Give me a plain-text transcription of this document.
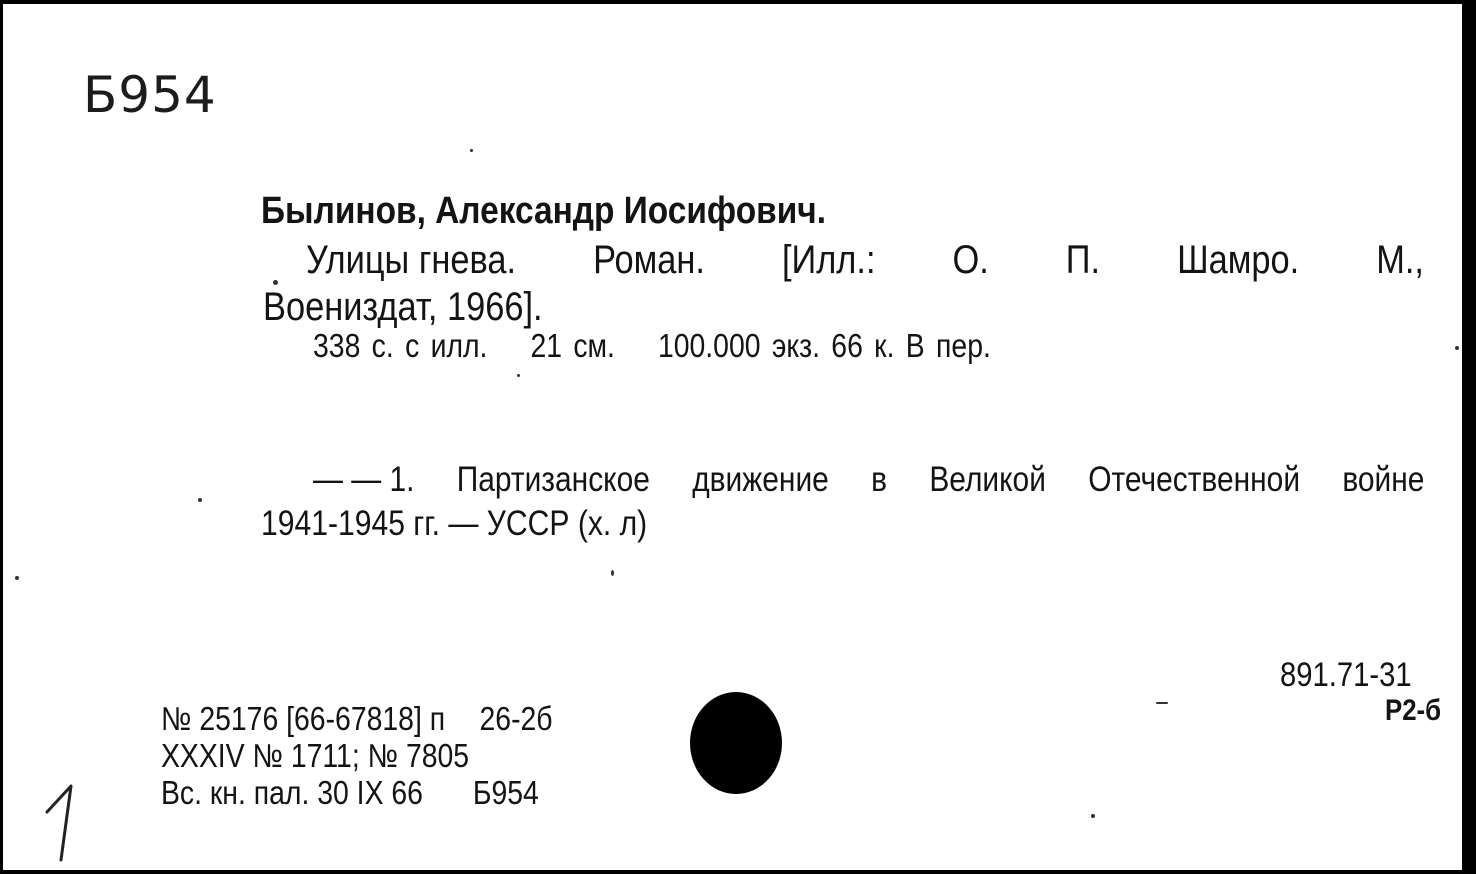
Б954
Былинов, Александр Иосифович.
Улицы гнева. Роман. [Илл.: О. П. Шамро. М.,
Воениздат, 1966].
338 с. с илл. 21 см. 100.000 экз. 66 к. В пер.
— — 1. Партизанское движение в Великой Отечественной войне
1941-1945 гг. — УССР (х. л)
891.71-31
Р2-б
№ 25176 [66-67818] п 26-2б
XXXIV № 1711; № 7805
Вс. кн. пал. 30 IX 66 Б954
